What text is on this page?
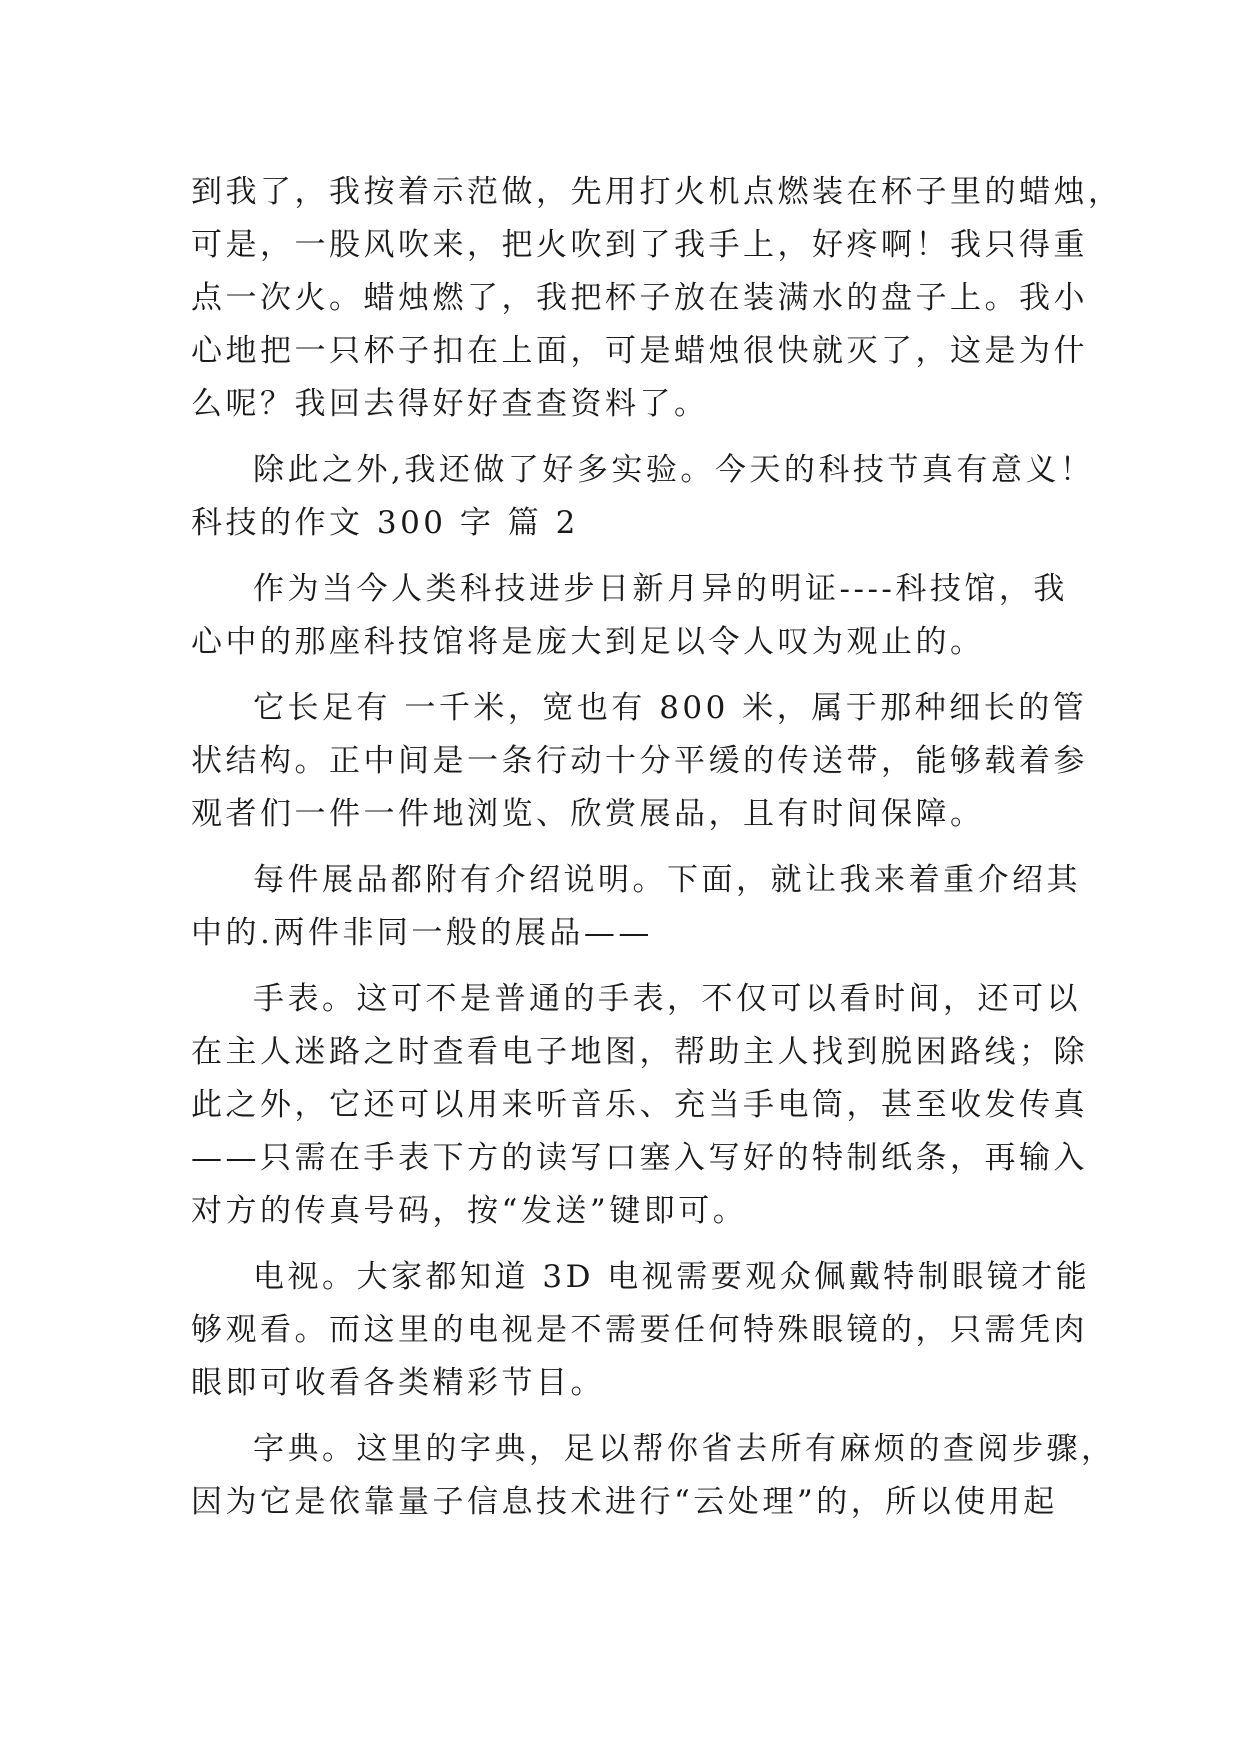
到我了，我按着示范做，先用打火机点燃装在杯子里的蜡烛，
可是，一股风吹来，把火吹到了我手上，好疼啊！我只得重
点一次火。蜡烛燃了，我把杯子放在装满水的盘子上。我小
心地把一只杯子扣在上面，可是蜡烛很快就灭了，这是为什
么呢？我回去得好好查查资料了。
除此之外,我还做了好多实验。今天的科技节真有意义！
科技的作文 300 字 篇 2
作为当今人类科技进步日新月异的明证----科技馆，我
心中的那座科技馆将是庞大到足以令人叹为观止的。
它长足有 一千米，宽也有 800 米，属于那种细长的管
状结构。正中间是一条行动十分平缓的传送带，能够载着参
观者们一件一件地浏览、欣赏展品，且有时间保障。
每件展品都附有介绍说明。下面，就让我来着重介绍其
中的.两件非同一般的展品——
手表。这可不是普通的手表，不仅可以看时间，还可以
在主人迷路之时查看电子地图，帮助主人找到脱困路线；除
此之外，它还可以用来听音乐、充当手电筒，甚至收发传真
——只需在手表下方的读写口塞入写好的特制纸条，再输入
对方的传真号码，按“发送”键即可。
电视。大家都知道 3D 电视需要观众佩戴特制眼镜才能
够观看。而这里的电视是不需要任何特殊眼镜的，只需凭肉
眼即可收看各类精彩节目。
字典。这里的字典，足以帮你省去所有麻烦的查阅步骤，
因为它是依靠量子信息技术进行“云处理”的，所以使用起
